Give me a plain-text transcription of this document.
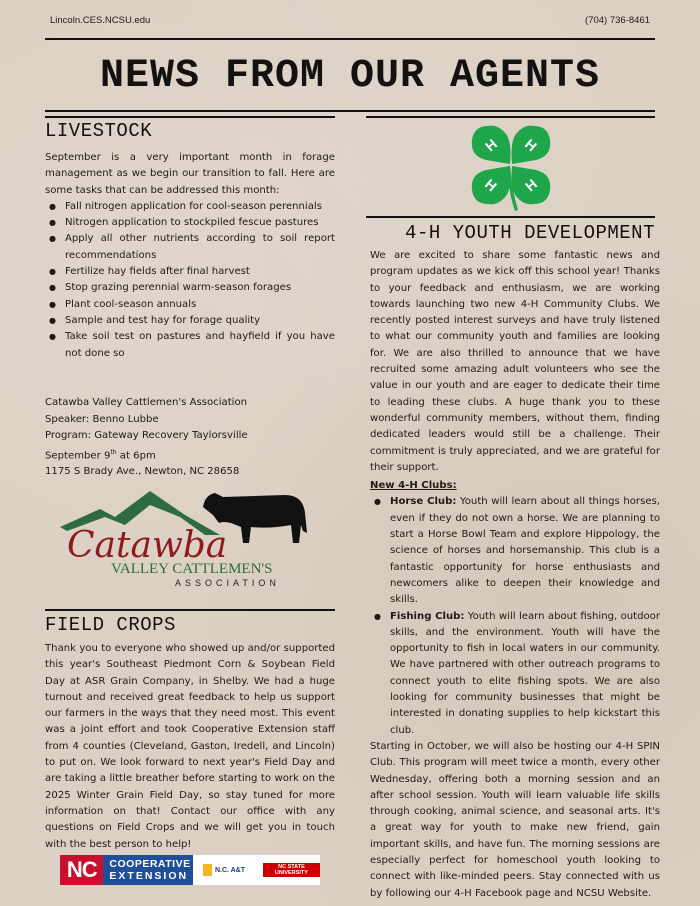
Lincoln.CES.NCSU.edu	(704) 736-8461
NEWS FROM OUR AGENTS
LIVESTOCK

September is a very important month in forage management as we begin our transition to fall. Here are some tasks that can be addressed this month:

● Fall nitrogen application for cool-season perennials
● Nitrogen application to stockpiled fescue pastures
● Apply all other nutrients according to soil report recommendations
● Fertilize hay fields after final harvest
● Stop grazing perennial warm-season forages
● Plant cool-season annuals
● Sample and test hay for forage quality
● Take soil test on pastures and hayfield if you have not done so
Catawba Valley Cattlemen's Association
Speaker: Benno Lubbe
Program: Gateway Recovery Taylorsville
September 9th at 6pm
1175 S Brady Ave., Newton, NC 28658
Catawba
VALLEY CATTLEMEN'S
ASSOCIATION
FIELD CROPS
Thank you to everyone who showed up and/or supported this year's Southeast Piedmont Corn & Soybean Field Day at ASR Grain Company, in Shelby. We had a huge turnout and received great feedback to help us support our farmers in the ways that they need most. This event was a joint effort and took Cooperative Extension staff from 4 counties (Cleveland, Gaston, Iredell, and Lincoln) to put on. We look forward to next year's Field Day and are taking a little breather before starting to work on the 2025 Winter Grain Field Day, so stay tuned for more information on that! Contact our office with any questions on Field Crops and we will get you in touch with the best person to help!
NC	COOPERATIVE
EXTENSION	N.C. A&T	NC STATE UNIVERSITY
H H
H H
4-H YOUTH DEVELOPMENT

We are excited to share some fantastic news and program updates as we kick off this school year! Thanks to your feedback and enthusiasm, we are working towards launching two new 4-H Community Clubs. We recently posted interest surveys and have truly listened to what our community youth and families are looking for. We are also thrilled to announce that we have recruited some amazing adult volunteers who see the value in our youth and are eager to dedicate their time to leading these clubs. A huge thank you to these wonderful community members, without them, finding dedicated leaders would still be a challenge. Their commitment is truly appreciated, and we are grateful for their support.

New 4-H Clubs:

● Horse Club: Youth will learn about all things horses, even if they do not own a horse. We are planning to start a Horse Bowl Team and explore Hippology, the science of horses and horsemanship. This club is a fantastic opportunity for horse enthusiasts and newcomers alike to deepen their knowledge and skills.
● Fishing Club: Youth will learn about fishing, outdoor skills, and the environment. Youth will have the opportunity to fish in local waters in our community. We have partnered with other outreach programs to connect youth to elite fishing spots. We are also looking for community businesses that might be interested in donating supplies to help kickstart this club.

Starting in October, we will also be hosting our 4-H SPIN Club. This program will meet twice a month, every other Wednesday, offering both a morning session and an after school session. Youth will learn valuable life skills through cooking, animal science, and seasonal arts. It's a great way for youth to make new friend, gain important skills, and have fun. The morning sessions are especially perfect for homeschool youth looking to connect with like-minded peers. Stay connected with us by following our 4-H Facebook page and NCSU Website.
